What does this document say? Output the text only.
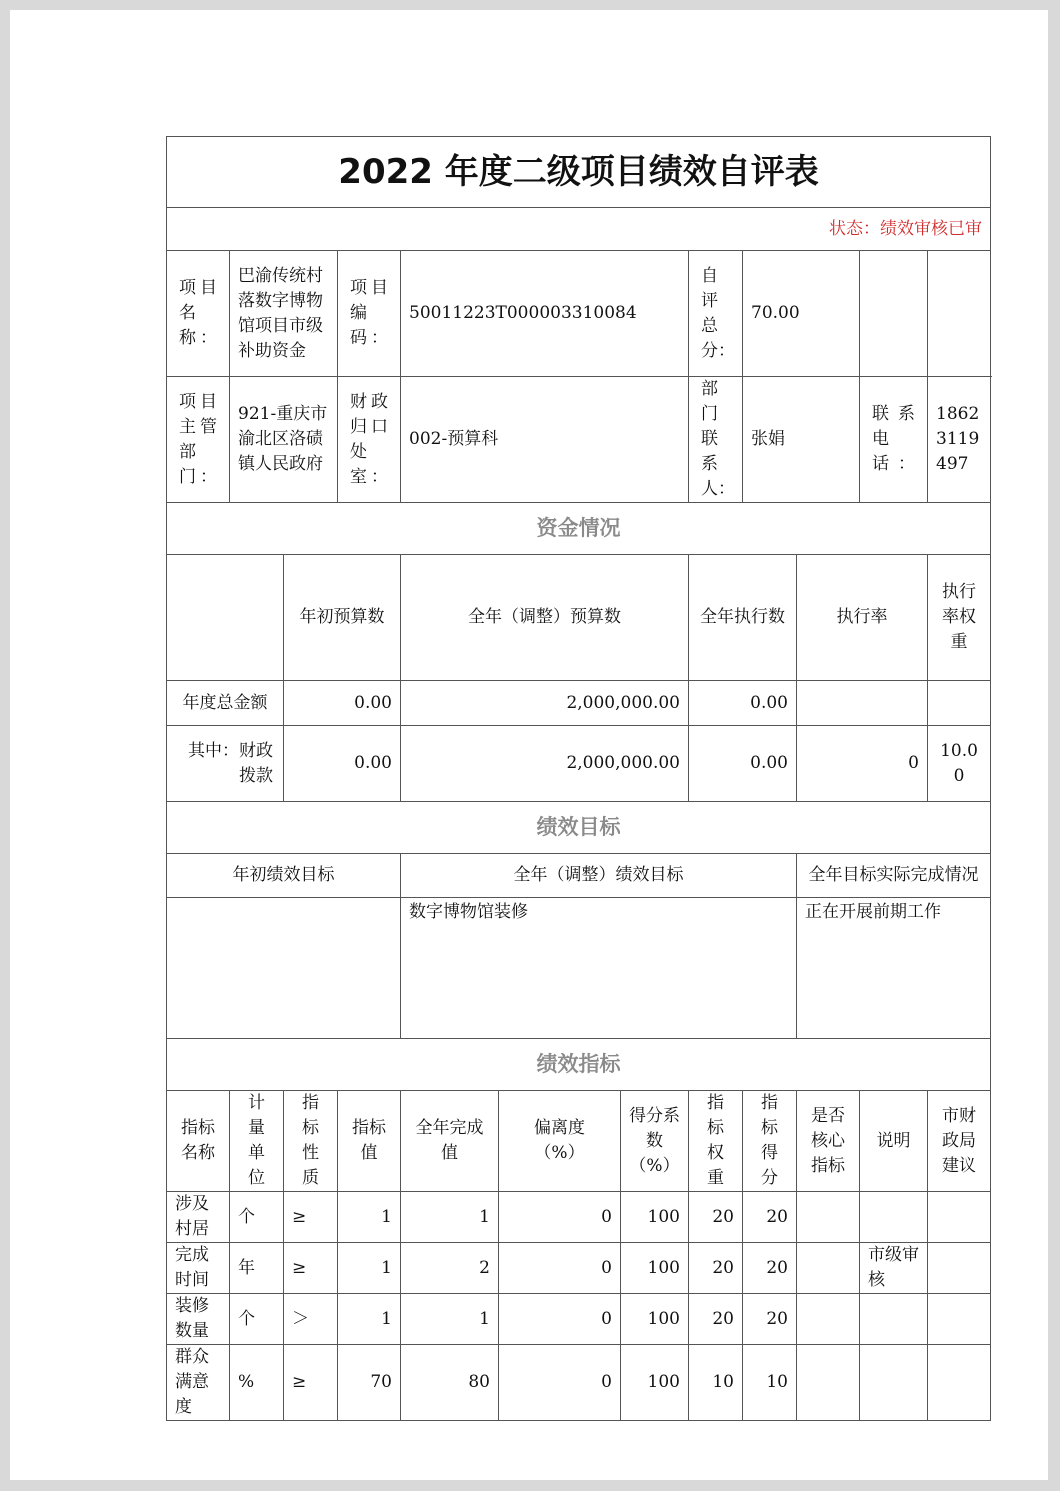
2022 年度二级项目绩效自评表												
状态：绩效审核已审												
项目名称：	巴渝传统村落数字博物馆项目市级补助资金		项目编码：	50011223T000003310084			自评总分：	70.00				
项目主管部门：	921-重庆市渝北区洛碛镇人民政府		财政归口处室：	002-预算科			部门联系人：	张娟		联系电话：	18623119497	
资金情况												
		年初预算数		全年（调整）预算数			全年执行数		执行率		执行率权重	
年度总金额		0.00		2,000,000.00			0.00					
其中：财政拨款		0.00		2,000,000.00			0.00		0		10.00	
绩效目标												
年初绩效目标				全年（调整）绩效目标					全年目标实际完成情况			
				数字博物馆装修					正在开展前期工作			
绩效指标												
指标名称	计量单位	指标性质	指标值	全年完成值	偏离度（%）	得分系数（%）	指标权重	指标得分	是否核心指标	说明	市财政局建议	
涉及村居	个	≥	1	1	0	100	20	20				
完成时间	年	≥	1	2	0	100	20	20		市级审核		
装修数量	个	＞	1	1	0	100	20	20				
群众满意度	%	≥	70	80	0	100	10	10				
